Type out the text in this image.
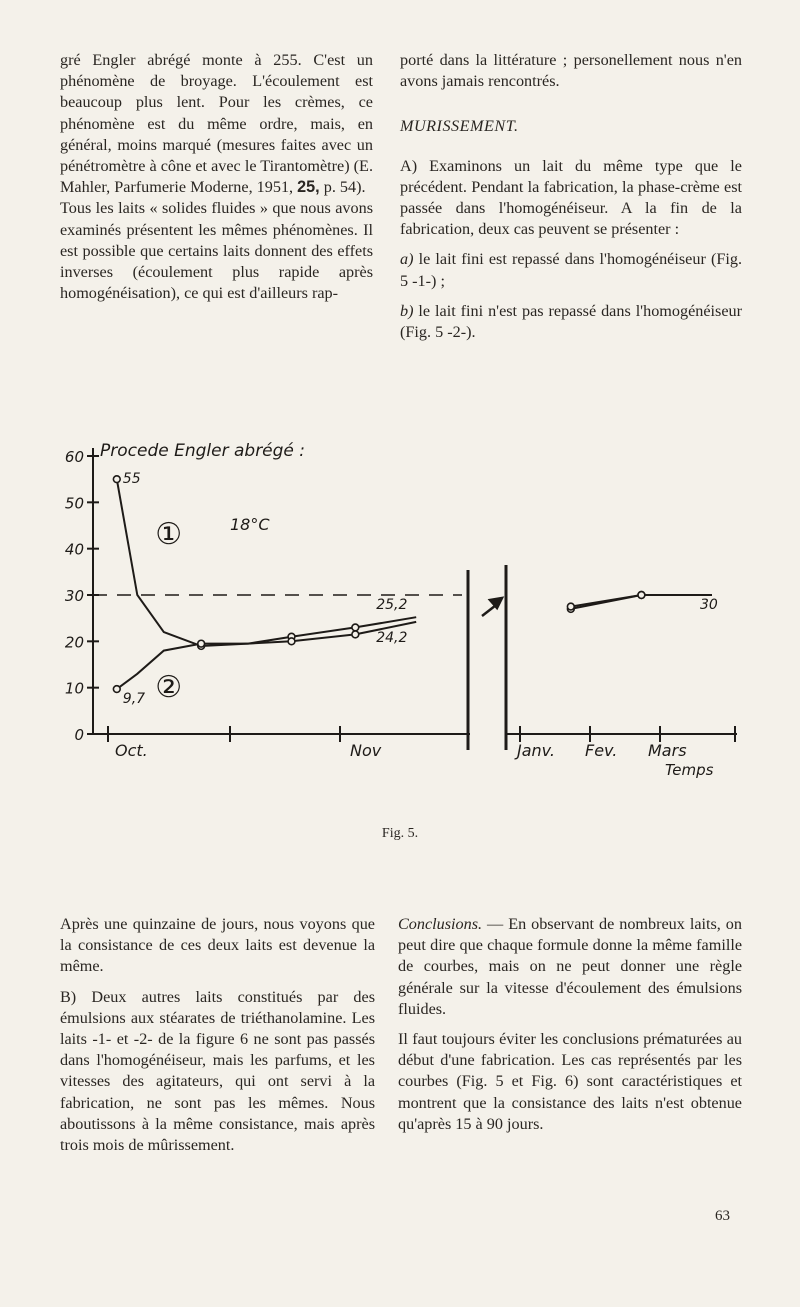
gré Engler abrégé monte à 255. C'est un phénomène de broyage. L'écoulement est beaucoup plus lent. Pour les crèmes, ce phénomène est du même ordre, mais, en général, moins marqué (mesures faites avec un pénétromètre à cône et avec le Tirantomètre) (E. Mahler, Parfumerie Moderne, 1951, 25, p. 54).

Tous les laits « solides fluides » que nous avons examinés présentent les mêmes phénomènes. Il est possible que certains laits donnent des effets inverses (écoulement plus rapide après homogénéisation), ce qui est d'ailleurs rap-

porté dans la littérature ; personellement nous n'en avons jamais rencontrés.

MURISSEMENT.

A) Examinons un lait du même type que le précédent. Pendant la fabrication, la phase-crème est passée dans l'homogénéiseur. A la fin de la fabrication, deux cas peuvent se présenter :

a) le lait fini est repassé dans l'homogénéiseur (Fig. 5 -1-) ;

b) le lait fini n'est pas repassé dans l'homogénéiseur (Fig. 5 -2-).

0
10
20
30
40
50
60
Oct.	Nov	Janv. Fev. Mars
①
②
55
9,7
25,2
24,2
30
Procede Engler abrégé :
18°C
Temps
Fig. 5.

Après une quinzaine de jours, nous voyons que la consistance de ces deux laits est devenue la même.

B) Deux autres laits constitués par des émulsions aux stéarates de triéthanolamine. Les laits -1- et -2- de la figure 6 ne sont pas passés dans l'homogénéiseur, mais les parfums, et les vitesses des agitateurs, qui ont servi à la fabrication, ne sont pas les mêmes. Nous aboutissons à la même consistance, mais après trois mois de mûrissement.

Conclusions. — En observant de nombreux laits, on peut dire que chaque formule donne la même famille de courbes, mais on ne peut donner une règle générale sur la vitesse d'écoulement des émulsions fluides.

Il faut toujours éviter les conclusions prématurées au début d'une fabrication. Les cas représentés par les courbes (Fig. 5 et Fig. 6) sont caractéristiques et montrent que la consistance des laits n'est obtenue qu'après 15 à 90 jours.

63
